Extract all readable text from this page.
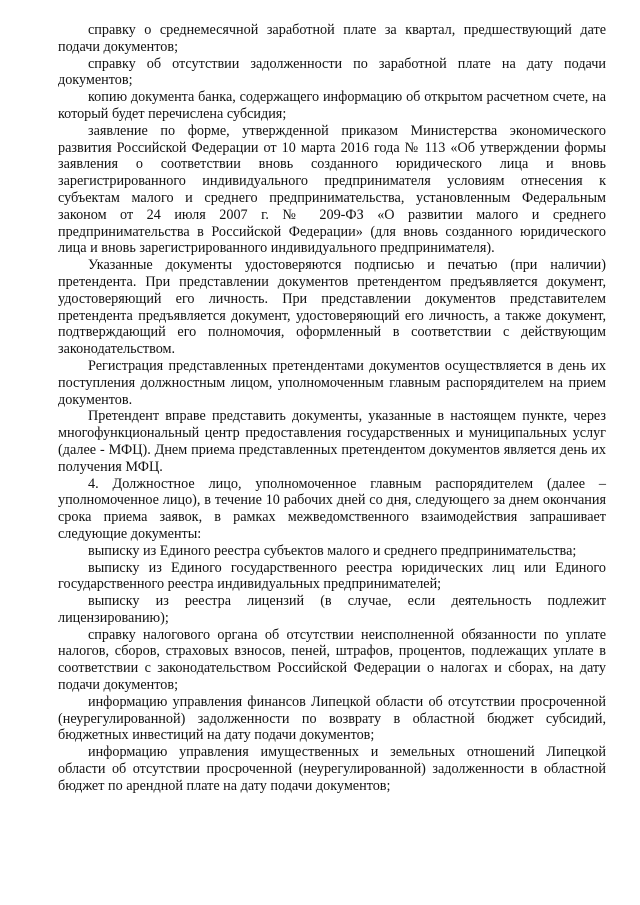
справку о среднемесячной заработной плате за квартал, предшествующий дате подачи документов;

справку об отсутствии задолженности по заработной плате на дату подачи документов;

копию документа банка, содержащего информацию об открытом расчетном счете, на который будет перечислена субсидия;

заявление по форме, утвержденной приказом Министерства экономического развития Российской Федерации от 10 марта 2016 года № 113 «Об утверждении формы заявления о соответствии вновь созданного юридического лица и вновь зарегистрированного индивидуального предпринимателя условиям отнесения к субъектам малого и среднего предпринимательства, установленным Федеральным законом от 24 июля 2007 г. № 209-ФЗ «О развитии малого и среднего предпринимательства в Российской Федерации» (для вновь созданного юридического лица и вновь зарегистрированного индивидуального предпринимателя).

Указанные документы удостоверяются подписью и печатью (при наличии) претендента. При представлении документов претендентом предъявляется документ, удостоверяющий его личность. При представлении документов представителем претендента предъявляется документ, удостоверяющий его личность, а также документ, подтверждающий его полномочия, оформленный в соответствии с действующим законодательством.

Регистрация представленных претендентами документов осуществляется в день их поступления должностным лицом, уполномоченным главным распорядителем на прием документов.

Претендент вправе представить документы, указанные в настоящем пункте, через многофункциональный центр предоставления государственных и муниципальных услуг (далее - МФЦ). Днем приема представленных претендентом документов является день их получения МФЦ.

4. Должностное лицо, уполномоченное главным распорядителем (далее – уполномоченное лицо), в течение 10 рабочих дней со дня, следующего за днем окончания срока приема заявок, в рамках межведомственного взаимодействия запрашивает следующие документы:

выписку из Единого реестра субъектов малого и среднего предпринимательства;

выписку из Единого государственного реестра юридических лиц или Единого государственного реестра индивидуальных предпринимателей;

выписку из реестра лицензий (в случае, если деятельность подлежит лицензированию);

справку налогового органа об отсутствии неисполненной обязанности по уплате налогов, сборов, страховых взносов, пеней, штрафов, процентов, подлежащих уплате в соответствии с законодательством Российской Федерации о налогах и сборах, на дату подачи документов;

информацию управления финансов Липецкой области об отсутствии просроченной (неурегулированной) задолженности по возврату в областной бюджет субсидий, бюджетных инвестиций на дату подачи документов;

информацию управления имущественных и земельных отношений Липецкой области об отсутствии просроченной (неурегулированной) задолженности в областной бюджет по арендной плате на дату подачи документов;
